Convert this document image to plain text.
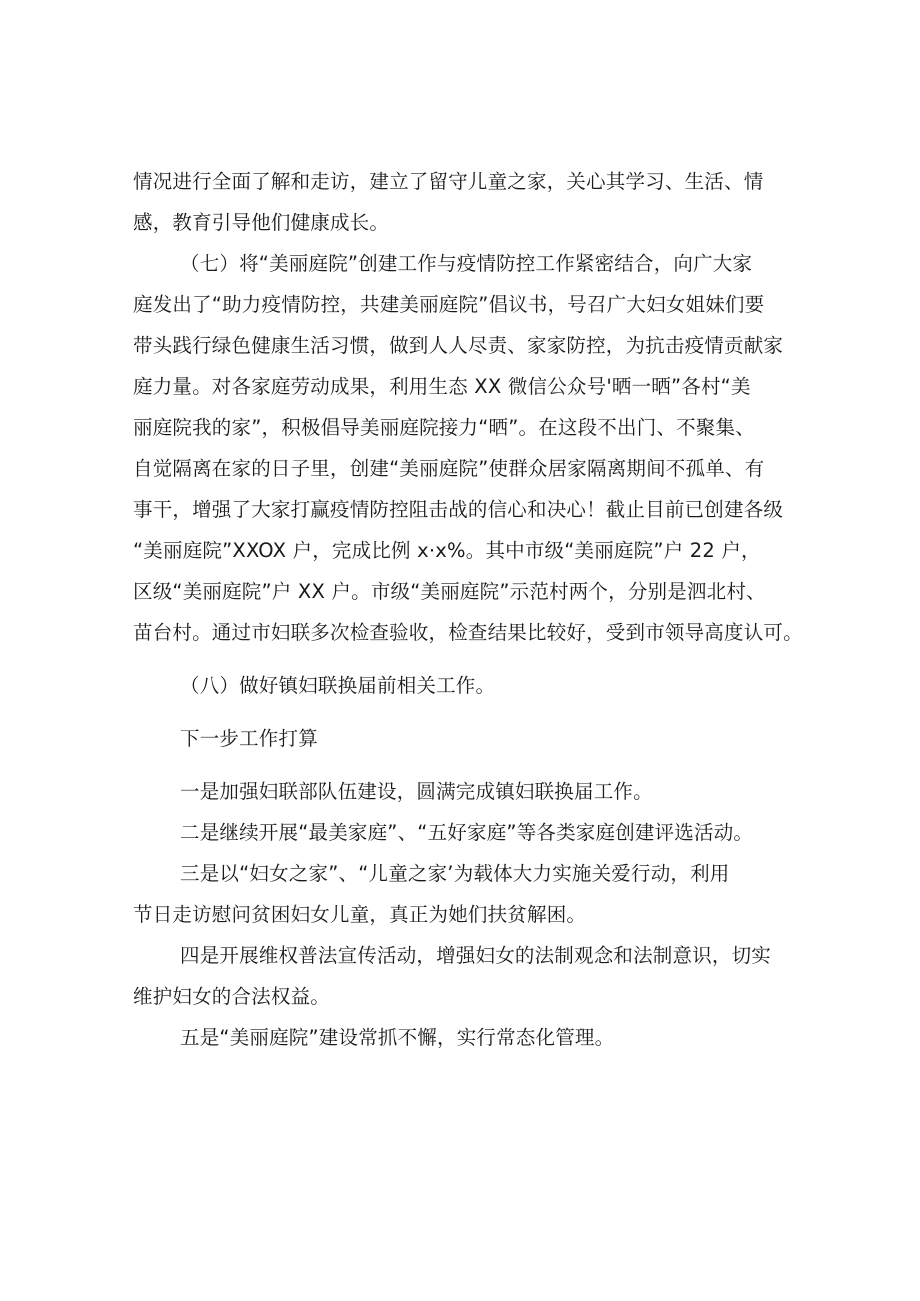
情况进行全面了解和走访，建立了留守儿童之家，关心其学习、生活、情

感，教育引导他们健康成长。

（七）将“美丽庭院”创建工作与疫情防控工作紧密结合，向广大家

庭发出了“助力疫情防控，共建美丽庭院”倡议书，号召广大妇女姐妹们要

带头践行绿色健康生活习惯，做到人人尽责、家家防控，为抗击疫情贡献家

庭力量。对各家庭劳动成果，利用生态 XX 微信公众号'晒一晒”各村“美

丽庭院我的家”，积极倡导美丽庭院接力“晒”。在这段不出门、不聚集、

自觉隔离在家的日子里，创建“美丽庭院”使群众居家隔离期间不孤单、有

事干，增强了大家打赢疫情防控阻击战的信心和决心！截止目前已创建各级

“美丽庭院”XXOX 户，完成比例 x·x%。其中市级“美丽庭院”户 22 户，

区级“美丽庭院”户 XX 户。市级“美丽庭院”示范村两个，分别是泗北村、

苗台村。通过市妇联多次检查验收，检查结果比较好，受到市领导高度认可。

（八）做好镇妇联换届前相关工作。

下一步工作打算

一是加强妇联部队伍建设，圆满完成镇妇联换届工作。

二是继续开展“最美家庭”、“五好家庭”等各类家庭创建评选活动。

三是以“妇女之家”、“儿童之家’为载体大力实施关爱行动，利用

节日走访慰问贫困妇女儿童，真正为她们扶贫解困。

四是开展维权普法宣传活动，增强妇女的法制观念和法制意识，切实

维护妇女的合法权益。

五是“美丽庭院”建设常抓不懈，实行常态化管理。
